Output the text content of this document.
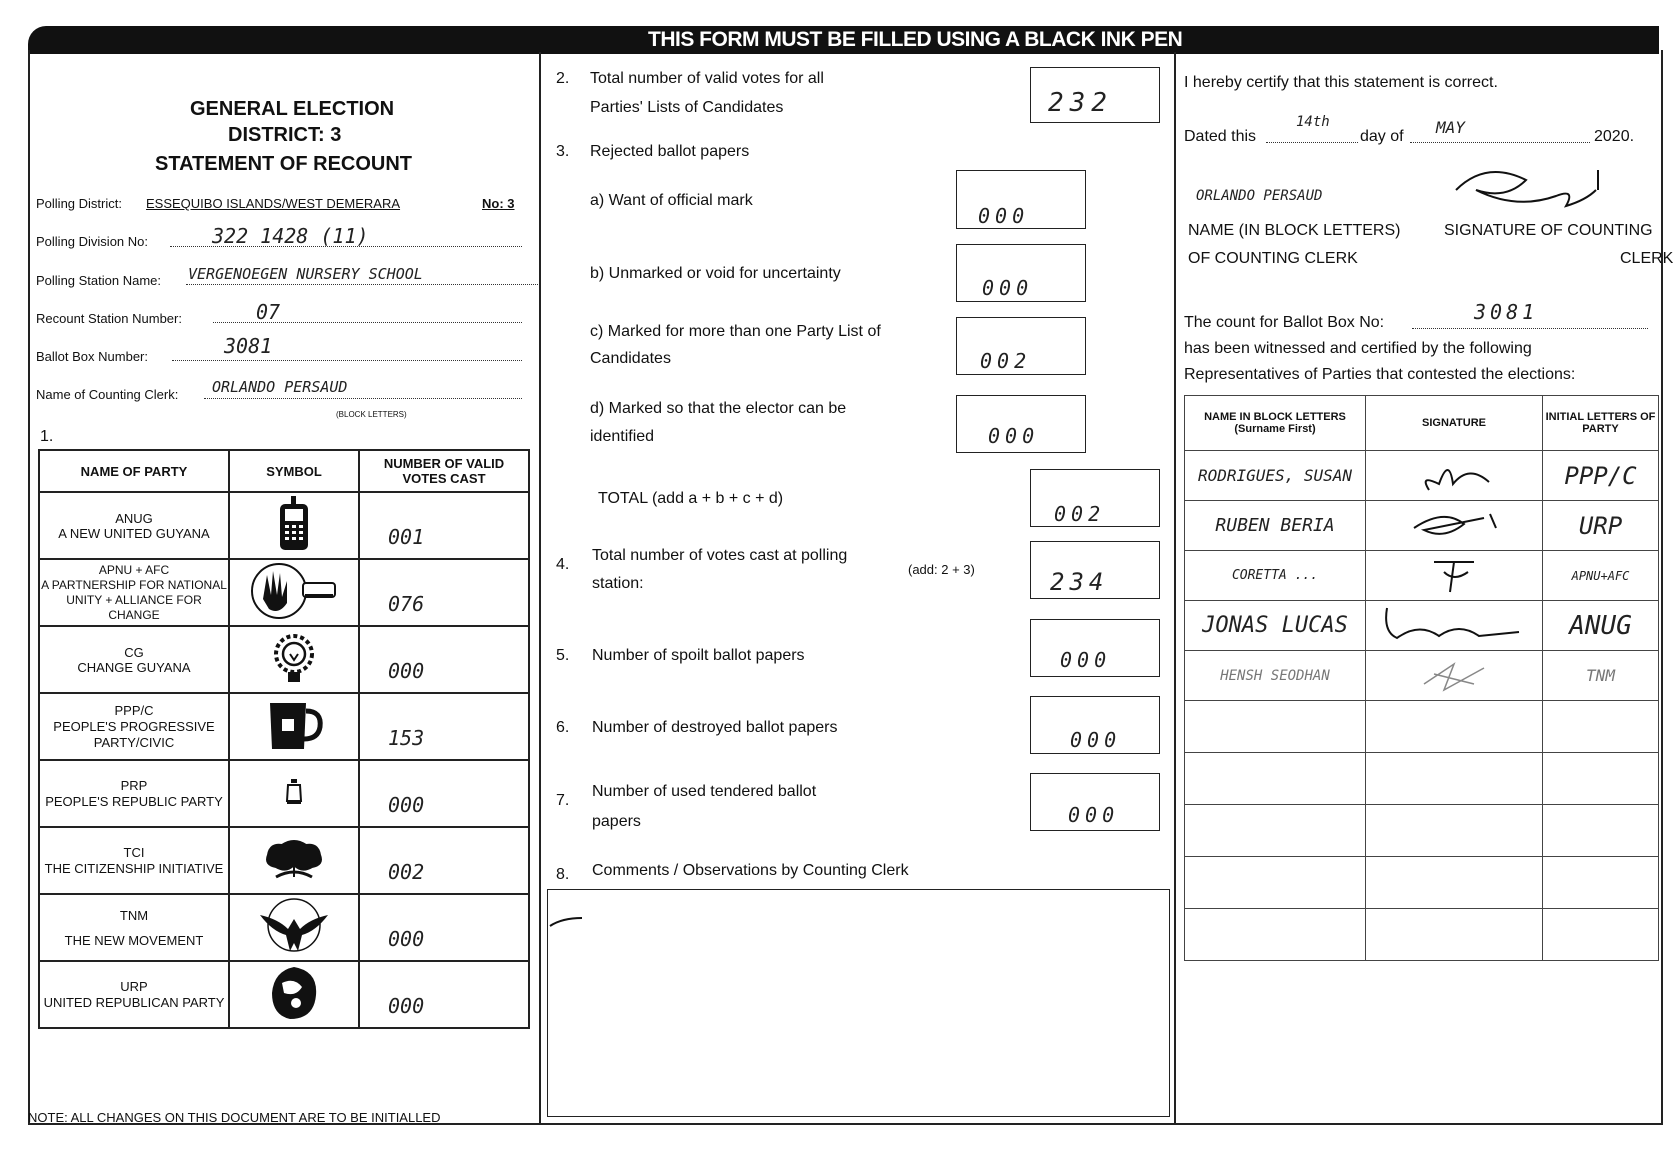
THIS FORM MUST BE FILLED USING A BLACK INK PEN
GENERAL ELECTION
DISTRICT: 3
STATEMENT OF RECOUNT
Polling District: ESSEQUIBO ISLANDS/WEST DEMERARA	No: 3
Polling Division No:	322 1428 (11)
Polling Station Name: VERGENOEGEN NURSERY SCHOOL
Recount Station Number:	07
Ballot Box Number:	3081
Name of Counting Clerk: ORLANDO PERSAUD
(BLOCK LETTERS)
1.
NAME OF PARTY	SYMBOL	NUMBER OF VALID VOTES CAST

ANUG
A NEW UNITED GUYANA		001

APNU + AFC
A PARTNERSHIP FOR NATIONAL UNITY + ALLIANCE FOR CHANGE		076

CG
CHANGE GUYANA		000

PPP/C
PEOPLE'S PROGRESSIVE PARTY/CIVIC		153

PRP
PEOPLE'S REPUBLIC PARTY		000

TCI
THE CITIZENSHIP INITIATIVE		002

TNM
THE NEW MOVEMENT		000

URP
UNITED REPUBLICAN PARTY		000
NOTE: ALL CHANGES ON THIS DOCUMENT ARE TO BE INITIALLED
2. Total number of valid votes for all
Parties' Lists of Candidates	232
3. Rejected ballot papers
a) Want of official mark
000
b) Unmarked or void for uncertainty
000
c) Marked for more than one Party List of
Candidates	002
d) Marked so that the elector can be
identified	000
TOTAL (add a + b + c + d)
002
4.
Total number of votes cast at polling
station:
(add: 2 + 3)	234
5. Number of spoilt ballot papers	000
6. Number of destroyed ballot papers
000
7.
Number of used tendered ballot
papers	000
8. Comments / Observations by Counting Clerk
I hereby certify that this statement is correct.
Dated this
14th
day of MAY	2020.
ORLANDO PERSAUD
NAME (IN BLOCK LETTERS)
OF COUNTING CLERK
SIGNATURE OF COUNTING
CLERK
The count for Ballot Box No:	3081
has been witnessed and certified by the following
Representatives of Parties that contested the elections:
NAME IN BLOCK LETTERS (Surname First)	SIGNATURE	INITIAL LETTERS OF PARTY
RODRIGUES, SUSAN		PPP/C
RUBEN BERIA		URP
CORETTA ...		APNU+AFC
JONAS LUCAS		ANUG
HENSH SEODHAN		TNM
